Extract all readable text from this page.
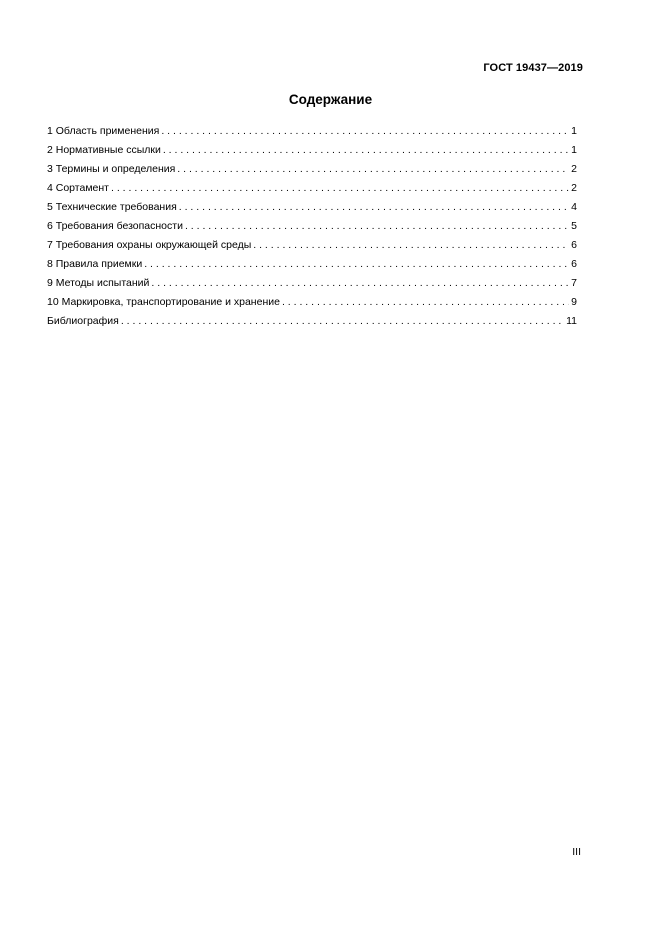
ГОСТ 19437—2019
Содержание
1 Область применения . . .	1
2 Нормативные ссылки . . .	1
3 Термины и определения . . .	2
4 Сортамент . . .	2
5 Технические требования . . .	4
6 Требования безопасности . . .	5
7 Требования охраны окружающей среды . . .	6
8 Правила приемки . . .	6
9 Методы испытаний . . .	7
10 Маркировка, транспортирование и хранение . . .	9
Библиография . . .	11
III
